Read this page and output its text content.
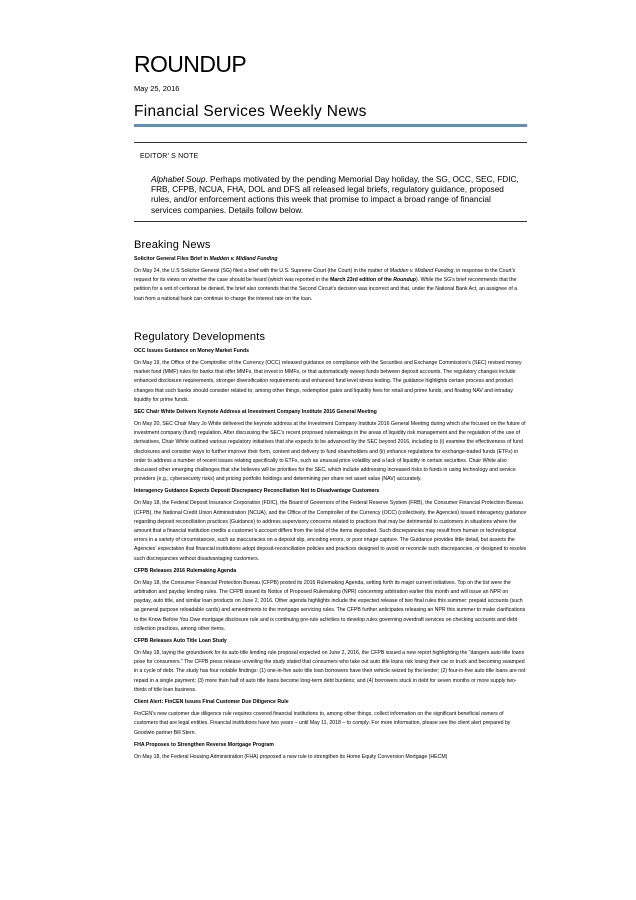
ROUNDUP
May 25, 2016
Financial Services Weekly News
EDITOR’ S NOTE

Alphabet Soup. Perhaps motivated by the pending Memorial Day holiday, the SG, OCC, SEC, FDIC, FRB, CFPB, NCUA, FHA, DOL and DFS all released legal briefs, regulatory guidance, proposed rules, and/or enforcement actions this week that promise to impact a broad range of financial services companies. Details follow below.

Breaking News
Solicitor General Files Brief in Madden v. Midland Funding

On May 24, the U.S Solicitor General (SG) filed a brief with the U.S. Supreme Court (the Court) in the matter of Madden v. Midland Funding, in response to the Court’s request for its views on whether the case should be heard (which was reported in the March 23rd edition of the Roundup). While the SG’s brief recommends that the petition for a writ of certiorari be denied, the brief also contends that the Second Circuit’s decision was incorrect and that, under the National Bank Act, an assignee of a loan from a national bank can continue to charge the interest rate on the loan.

Regulatory Developments
OCC Issues Guidance on Money Market Funds
On May 19, the Office of the Comptroller of the Currency (OCC) released guidance on compliance with the Securities and Exchange Commission’s (SEC) revised money market fund (MMF) rules for banks that offer MMFs, that invest in MMFs, or that automatically sweep funds between deposit accounts. The regulatory changes include enhanced disclosure requirements, stronger diversification requirements and enhanced fund level stress testing. The guidance highlights certain process and product changes that such banks should consider related to, among other things, redemption gates and liquidity fees for retail and prime funds, and floating NAV and intraday liquidity for prime funds.
SEC Chair White Delivers Keynote Address at Investment Company Institute 2016 General Meeting
On May 20, SEC Chair Mary Jo White delivered the keynote address at the Investment Company Institute 2016 General Meeting during which she focused on the future of investment company (fund) regulation. After discussing the SEC’s recent proposed rulemakings in the areas of liquidity risk management and the regulation of the use of derivatives, Chair White outlined various regulatory initiatives that she expects to be advanced by the SEC beyond 2016, including to (i) examine the effectiveness of fund disclosures and consider ways to further improve their form, content and delivery to fund shareholders and (ii) enhance regulations for exchange-traded funds (ETFs) in order to address a number of recent issues relating specifically to ETFs, such as unusual price volatility and a lack of liquidity in certain securities. Chair White also discussed other emerging challenges that she believes will be priorities for the SEC, which include addressing increased risks to funds in using technology and service providers (e.g., cybersecurity risks) and pricing portfolio holdings and determining per share net asset value (NAV) accurately.
Interagency Guidance Expects Deposit Discrepancy Reconciliation Not to Disadvantage Customers
On May 18, the Federal Deposit Insurance Corporation (FDIC), the Board of Governors of the Federal Reserve System (FRB), the Consumer Financial Protection Bureau (CFPB), the National Credit Union Administration (NCUA), and the Office of the Comptroller of the Currency (OCC) (collectively, the Agencies) issued interagency guidance regarding deposit reconciliation practices (Guidance) to address supervisory concerns related to practices that may be detrimental to customers in situations where the amount that a financial institution credits a customer’s account differs from the total of the items deposited. Such discrepancies may result from human or technological errors in a variety of circumstances, such as inaccuracies on a deposit slip, encoding errors, or poor image capture. The Guidance provides little detail, but asserts the Agencies’ expectation that financial institutions adopt deposit-reconciliation policies and practices designed to avoid or reconcile such discrepancies, or designed to resolve such discrepancies without disadvantaging customers.
CFPB Releases 2016 Rulemaking Agenda
On May 18, the Consumer Financial Protection Bureau (CFPB) posted its 2016 Rulemaking Agenda, setting forth its major current initiatives. Top on the list were the arbitration and payday lending rules. The CFPB issued its Notice of Proposed Rulemaking (NPR) concerning arbitration earlier this month and will issue an NPR on payday, auto title, and similar loan products on June 2, 2016. Other agenda highlights include the expected release of two final rules this summer: prepaid accounts (such as general purpose reloadable cards) and amendments to the mortgage servicing rules. The CFPB further anticipates releasing an NPR this summer to make clarifications to the Know Before You Owe mortgage disclosure rule and is continuing pre-rule activities to develop rules governing overdraft services on checking accounts and debt collection practices, among other items.
CFPB Releases Auto Title Loan Study
On May 18, laying the groundwork for its auto title lending rule proposal expected on June 2, 2016, the CFPB issued a new report highlighting the “dangers auto title loans pose for consumers.” The CFPB press release unveiling the study stated that consumers who take out auto title loans risk losing their car or truck and becoming swamped in a cycle of debt. The study has four notable findings: (1) one-in-five auto title loan borrowers have their vehicle seized by the lender; (2) four-in-five auto title loans are not repaid in a single payment; (3) more than half of auto title loans become long-term debt burdens; and (4) borrowers stuck in debt for seven months or more supply two-thirds of title loan business.
Client Alert: FinCEN Issues Final Customer Due Diligence Rule
FinCEN’s new customer due diligence rule requires covered financial institutions to, among other things, collect information on the significant beneficial owners of customers that are legal entities. Financial institutions have two years – until May 11, 2018 – to comply. For more information, please see the client alert prepared by Goodwin partner Bill Stern.
FHA Proposes to Strengthen Reverse Mortgage Program
On May 18, the Federal Housing Administration (FHA) proposed a new rule to strengthen its Home Equity Conversion Mortgage (HECM)
